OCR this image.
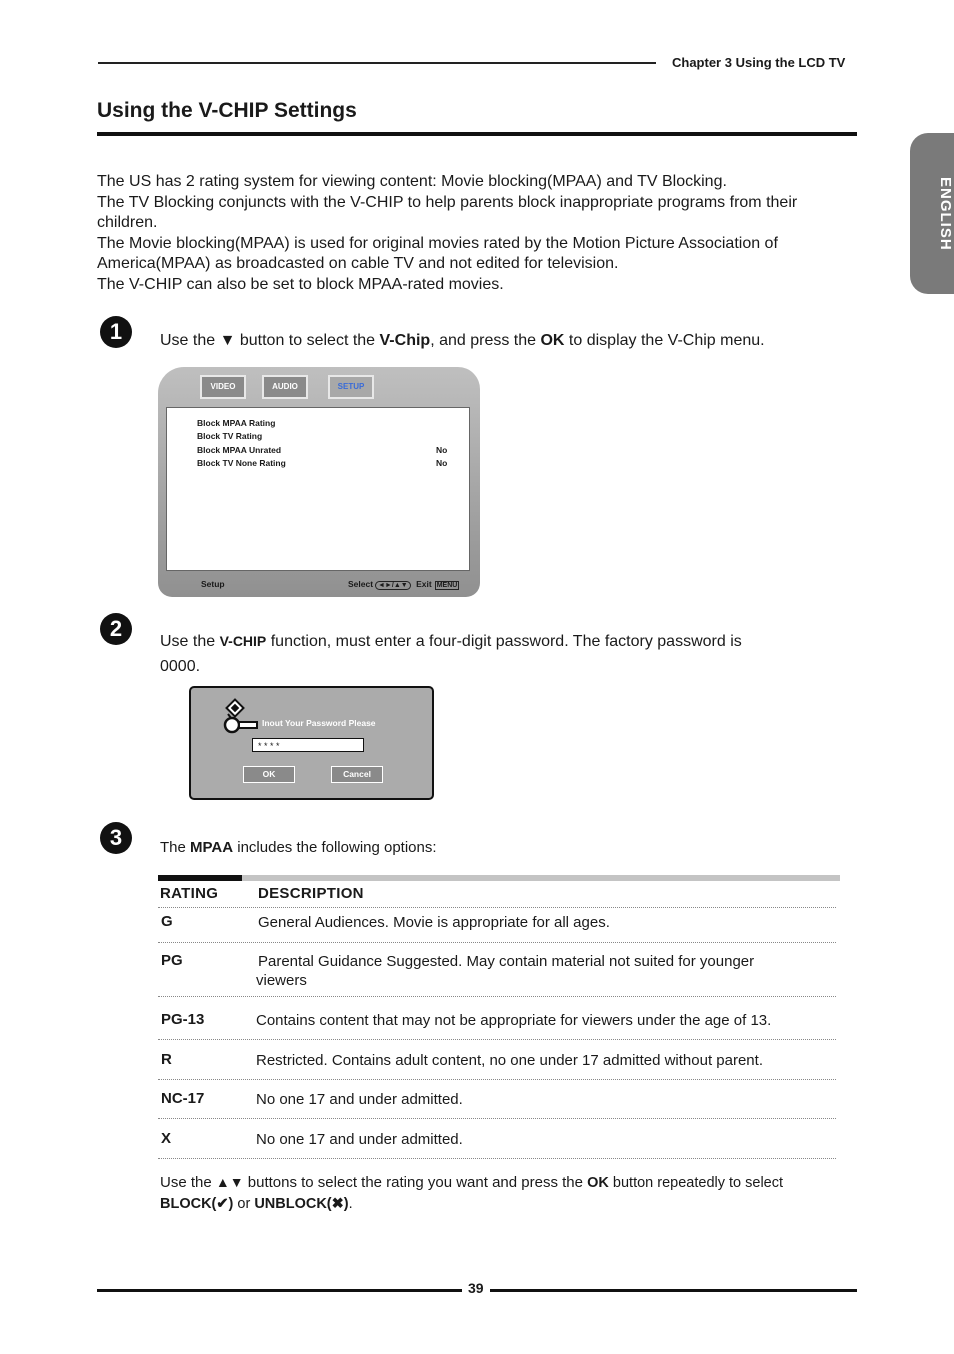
Chapter 3 Using the LCD TV
Using the V-CHIP Settings
ENGLISH

The US has 2 rating system for viewing content: Movie blocking(MPAA) and TV Blocking.

The TV Blocking conjuncts with the V-CHIP to help parents block inappropriate programs from their children.

The Movie blocking(MPAA) is used for original movies rated by the Motion Picture Association of America(MPAA) as broadcasted on cable TV and not edited for television.

The V-CHIP can also be set to block MPAA-rated movies.

1	Use the ▼ button to select the V-Chip, and press the OK to display the V-Chip menu.
VIDEO	AUDIO	SETUP
Block MPAA Rating
Block TV Rating
Block MPAA Unrated	No
Block TV None Rating	No
Setup	Select ◄►/▲▼ Exit MENU
2
Use the V-CHIP function, must enter a four-digit password. The factory password is
0000.
Inout Your Password Please
* * * *
OK	Cancel
3	The MPAA includes the following options:
RATING	DESCRIPTION
G	General Audiences. Movie is appropriate for all ages.
PG	Parental Guidance Suggested. May contain material not suited for younger viewers
PG-13	Contains content that may not be appropriate for viewers under the age of 13.
R	Restricted. Contains adult content, no one under 17 admitted without parent.
NC-17	No one 17 and under admitted.
X	No one 17 and under admitted.
Use the ▲▼ buttons to select the rating you want and press the OK button repeatedly to select
BLOCK(✔) or UNBLOCK(✖).
39
